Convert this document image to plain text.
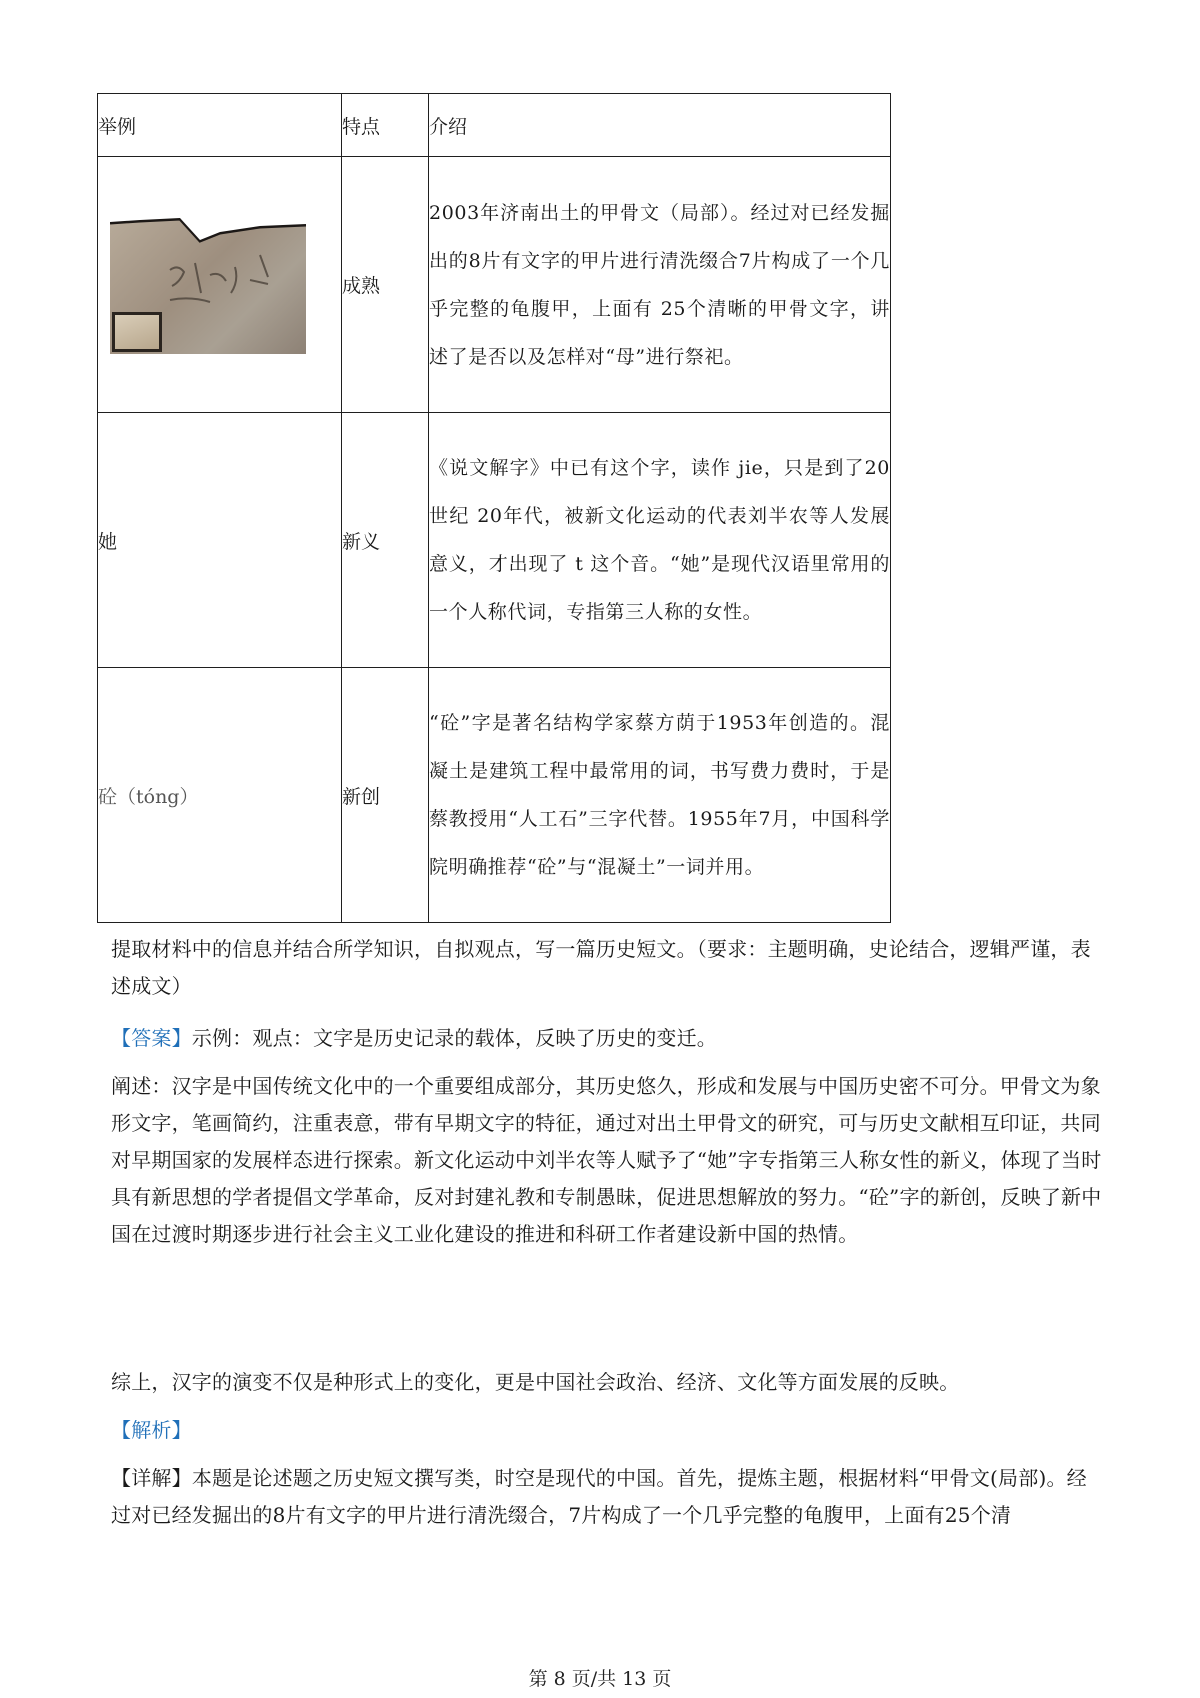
举例	特点	介绍

	成熟	2003年济南出土的甲骨文（局部）。经过对已经发掘出的8片有文字的甲片进行清洗缀合7片构成了一个几乎完整的龟腹甲，上面有 25个清晰的甲骨文字，讲述了是否以及怎样对“母”进行祭祀。
她	新义	《说文解字》中已有这个字，读作 jie，只是到了20 世纪 20年代，被新文化运动的代表刘半农等人发展意义，才出现了 t 这个音。“她”是现代汉语里常用的一个人称代词，专指第三人称的女性。
砼（tóng）	新创	“砼”字是著名结构学家蔡方荫于1953年创造的。混凝土是建筑工程中最常用的词，书写费力费时，于是蔡教授用“人工石”三字代替。1955年7月，中国科学院明确推荐“砼”与“混凝土”一词并用。

提取材料中的信息并结合所学知识，自拟观点，写一篇历史短文。（要求：主题明确，史论结合，逻辑严谨，表述成文）

【答案】示例：观点：文字是历史记录的载体，反映了历史的变迁。

阐述：汉字是中国传统文化中的一个重要组成部分，其历史悠久，形成和发展与中国历史密不可分。甲骨文为象形文字，笔画简约，注重表意，带有早期文字的特征，通过对出土甲骨文的研究，可与历史文献相互印证，共同对早期国家的发展样态进行探索。新文化运动中刘半农等人赋予了“她”字专指第三人称女性的新义，体现了当时具有新思想的学者提倡文学革命，反对封建礼教和专制愚昧，促进思想解放的努力。“砼”字的新创，反映了新中国在过渡时期逐步进行社会主义工业化建设的推进和科研工作者建设新中国的热情。

综上，汉字的演变不仅是种形式上的变化，更是中国社会政治、经济、文化等方面发展的反映。

【解析】

【详解】本题是论述题之历史短文撰写类，时空是现代的中国。首先，提炼主题，根据材料“甲骨文(局部)。经过对已经发掘出的8片有文字的甲片进行清洗缀合，7片构成了一个几乎完整的龟腹甲，上面有25个清

第 8 页/共 13 页
